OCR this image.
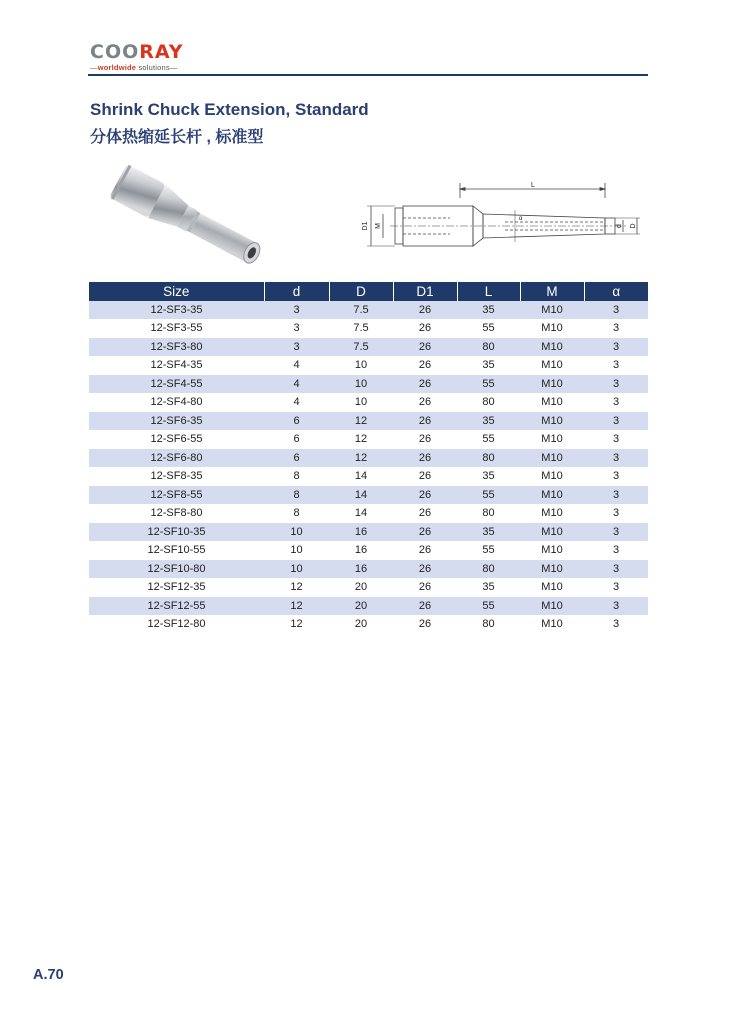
COORAY
—worldwide solutions—
Shrink Chuck Extension, Standard
分体热缩延长杆 , 标准型
L
D1 M
α
d D
Size	d	D	D1	L	M	α
12-SF3-35	3	7.5	26	35	M10	3
12-SF3-55	3	7.5	26	55	M10	3
12-SF3-80	3	7.5	26	80	M10	3
12-SF4-35	4	10	26	35	M10	3
12-SF4-55	4	10	26	55	M10	3
12-SF4-80	4	10	26	80	M10	3
12-SF6-35	6	12	26	35	M10	3
12-SF6-55	6	12	26	55	M10	3
12-SF6-80	6	12	26	80	M10	3
12-SF8-35	8	14	26	35	M10	3
12-SF8-55	8	14	26	55	M10	3
12-SF8-80	8	14	26	80	M10	3
12-SF10-35	10	16	26	35	M10	3
12-SF10-55	10	16	26	55	M10	3
12-SF10-80	10	16	26	80	M10	3
12-SF12-35	12	20	26	35	M10	3
12-SF12-55	12	20	26	55	M10	3
12-SF12-80	12	20	26	80	M10	3
A.70
